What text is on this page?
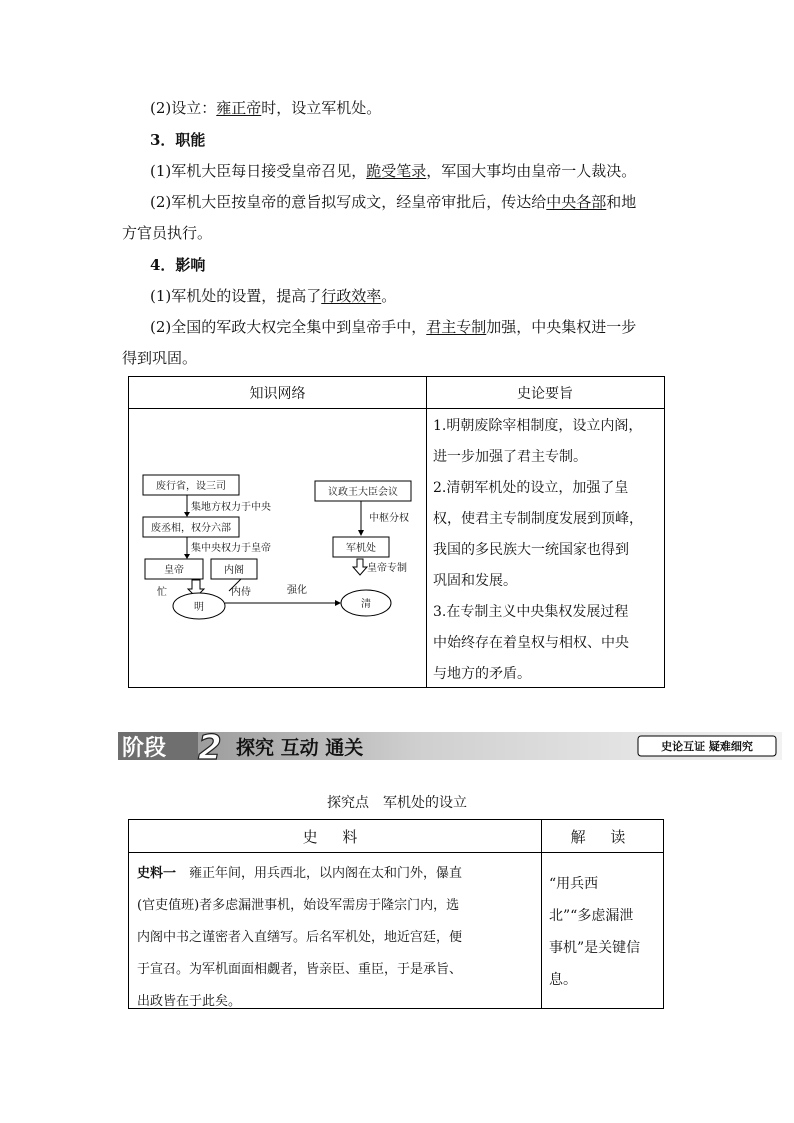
(2)设立：雍正帝时，设立军机处。
3．职能
(1)军机大臣每日接受皇帝召见，跪受笔录，军国大事均由皇帝一人裁决。
(2)军机大臣按皇帝的意旨拟写成文，经皇帝审批后，传达给中央各部和地
方官员执行。
4．影响
(1)军机处的设置，提高了行政效率。
(2)全国的军政大权完全集中到皇帝手中，君主专制加强，中央集权进一步
得到巩固。
知识网络	史论要旨
废行省，设三司
集地方权力于中央
废丞相，权分六部
集中央权力于皇帝
皇帝	内阁
忙	内侍
明
强化
清
议政王大臣会议
中枢分权
军机处
皇帝专制
1.明朝废除宰相制度，设立内阁，
进一步加强了君主专制。
2.清朝军机处的设立，加强了皇
权，使君主专制制度发展到顶峰，
我国的多民族大一统国家也得到
巩固和发展。
3.在专制主义中央集权发展过程
中始终存在着皇权与相权、中央
与地方的矛盾。
阶段 2 探究 互动 通关	史论互证 疑难细究
探究点　军机处的设立
史 料	解 读
史料一　雍正年间，用兵西北，以内阁在太和门外，儤直
(官吏值班)者多虑漏泄事机，始设军需房于隆宗门内，选
内阁中书之谨密者入直缮写。后名军机处，地近宫廷，便
于宣召。为军机面面相觑者，皆亲臣、重臣，于是承旨、
出政皆在于此矣。
“用兵西
北”“多虑漏泄
事机”是关键信
息。
